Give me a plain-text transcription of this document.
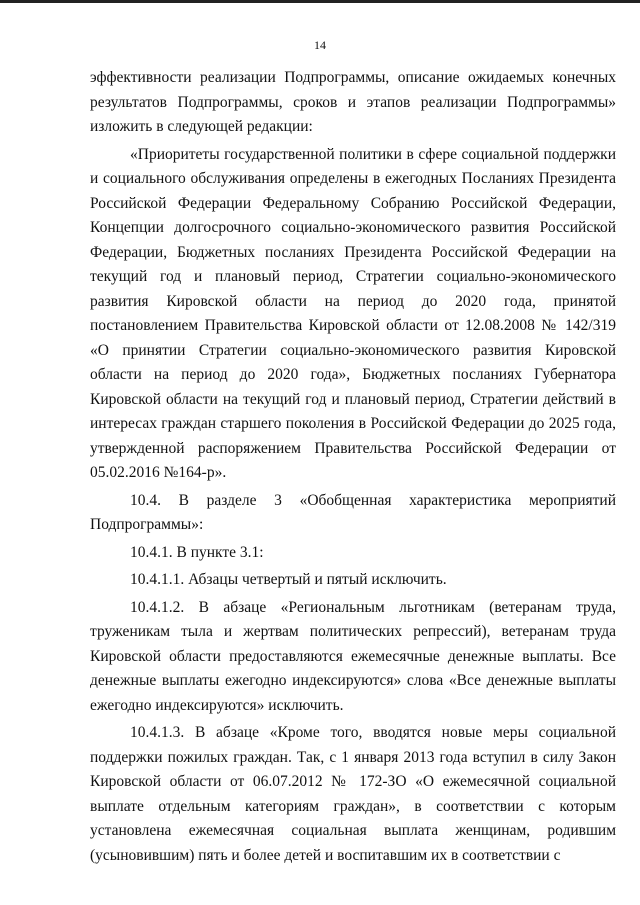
14

эффективности реализации Подпрограммы, описание ожидаемых конечных результатов Подпрограммы, сроков и этапов реализации Подпрограммы» изложить в следующей редакции:

«Приоритеты государственной политики в сфере социальной поддержки и социального обслуживания определены в ежегодных Посланиях Президента Российской Федерации Федеральному Собранию Российской Федерации, Концепции долгосрочного социально-экономического развития Российской Федерации, Бюджетных посланиях Президента Российской Федерации на текущий год и плановый период, Стратегии социально-экономического развития Кировской области на период до 2020 года, принятой постановлением Правительства Кировской области от 12.08.2008 № 142/319 «О принятии Стратегии социально-экономического развития Кировской области на период до 2020 года», Бюджетных посланиях Губернатора Кировской области на текущий год и плановый период, Стратегии действий в интересах граждан старшего поколения в Российской Федерации до 2025 года, утвержденной распоряжением Правительства Российской Федерации от 05.02.2016 №164-р».

10.4. В разделе 3 «Обобщенная характеристика мероприятий Подпрограммы»:

10.4.1. В пункте 3.1:

10.4.1.1. Абзацы четвертый и пятый исключить.

10.4.1.2. В абзаце «Региональным льготникам (ветеранам труда, труженикам тыла и жертвам политических репрессий), ветеранам труда Кировской области предоставляются ежемесячные денежные выплаты. Все денежные выплаты ежегодно индексируются» слова «Все денежные выплаты ежегодно индексируются» исключить.

10.4.1.3. В абзаце «Кроме того, вводятся новые меры социальной поддержки пожилых граждан. Так, с 1 января 2013 года вступил в силу Закон Кировской области от 06.07.2012 № 172-ЗО «О ежемесячной социальной выплате отдельным категориям граждан», в соответствии с которым установлена ежемесячная социальная выплата женщинам, родившим (усыновившим) пять и более детей и воспитавшим их в соответствии с
